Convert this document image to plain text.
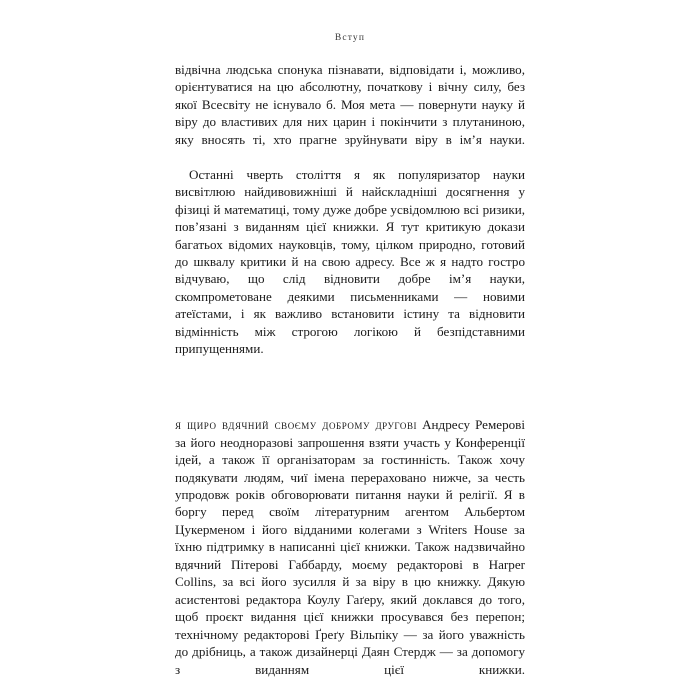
Вступ

відвічна людська спонука пізнавати, відповідати і, можливо, орієнтуватися на цю абсолютну, початкову і вічну силу, без якої Всесвіту не існувало б. Моя мета — повернути науку й віру до властивих для них царин і покінчити з плутаниною, яку вносять ті, хто прагне зруйнувати віру в ім’я науки.

Останні чверть століття я як популяризатор науки висвітлюю найдивовижніші й найскладніші досягнення у фізиці й математиці, тому дуже добре усвідомлюю всі ризики, пов’язані з виданням цієї книжки. Я тут критикую докази багатьох відомих науковців, тому, цілком природно, готовий до шквалу критики й на свою адресу. Все ж я надто гостро відчуваю, що слід відновити добре ім’я науки, скомпрометоване деякими письменниками — новими атеїстами, і як важливо встановити істину та відновити відмінність між строгою логікою й безпідставними припущеннями.

я щиро вдячний своєму доброму другові Андресу Ремерові за його неодноразові запрошення взяти участь у Конференції ідей, а також її організаторам за гостинність. Також хочу подякувати людям, чиї імена перераховано нижче, за честь упродовж років обговорювати питання науки й релігії. Я в боргу перед своїм літературним агентом Альбертом Цукерменом і його відданими колегами з Writers House за їхню підтримку в написанні цієї книжки. Також надзвичайно вдячний Пітерові Габбарду, моєму редакторові в Harper Collins, за всі його зусилля й за віру в цю книжку. Дякую асистентові редактора Коулу Гаґеру, який доклався до того, щоб проєкт видання цієї книжки просувався без перепон; технічному редакторові Ґреґу Вільпіку — за його уважність до дрібниць, а також дизайнерці Даян Стердж — за допомогу з виданням цієї книжки.
